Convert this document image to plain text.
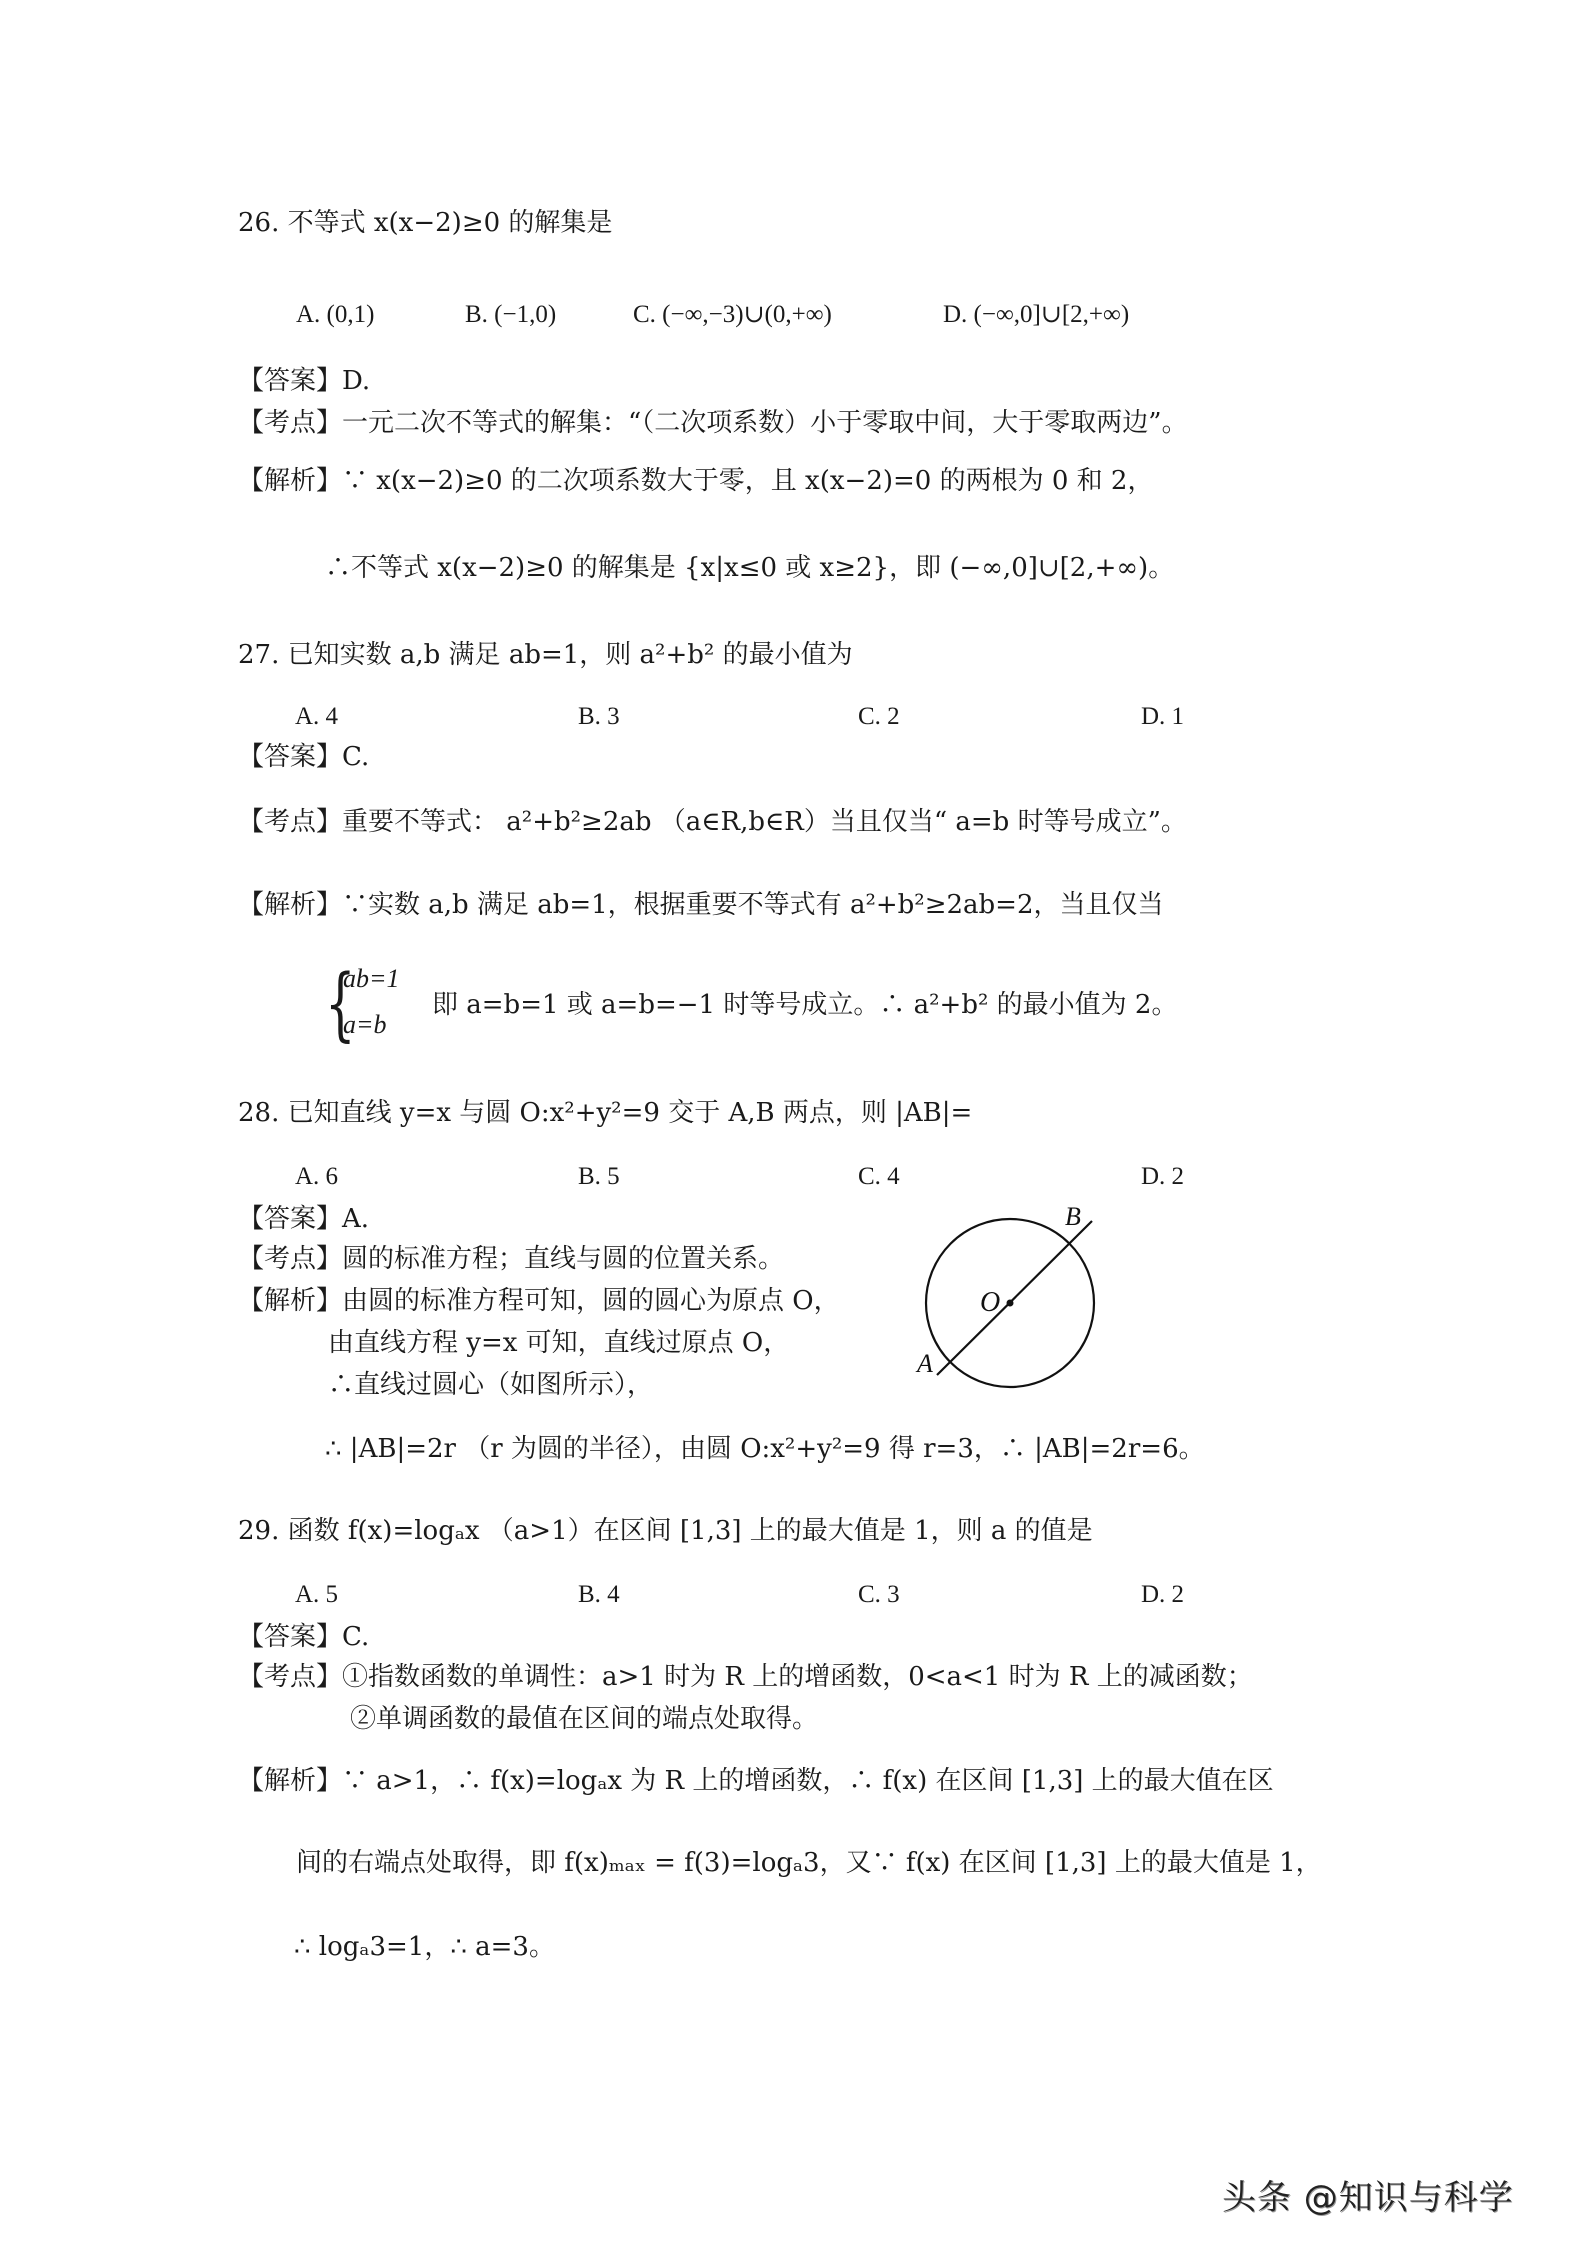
26. 不等式 x(x−2)≥0 的解集是
A. (0,1)	B. (−1,0)	C. (−∞,−3)∪(0,+∞)	D. (−∞,0]∪[2,+∞)
【答案】D.
【考点】一元二次不等式的解集：“（二次项系数）小于零取中间，大于零取两边”。
【解析】∵ x(x−2)≥0 的二次项系数大于零，且 x(x−2)=0 的两根为 0 和 2，
∴不等式 x(x−2)≥0 的解集是 {x|x≤0 或 x≥2}，即 (−∞,0]∪[2,+∞)。
27. 已知实数 a,b 满足 ab=1，则 a²+b² 的最小值为
A. 4	B. 3	C. 2	D. 1
【答案】C.
【考点】重要不等式： a²+b²≥2ab （a∈R,b∈R）当且仅当“ a=b 时等号成立”。
【解析】∵实数 a,b 满足 ab=1，根据重要不等式有 a²+b²≥2ab=2，当且仅当
{
ab=1
a=b
即 a=b=1 或 a=b=−1 时等号成立。∴ a²+b² 的最小值为 2。
28. 已知直线 y=x 与圆 O:x²+y²=9 交于 A,B 两点，则 |AB|=
A. 6	B. 5	C. 4	D. 2
【答案】A.
【考点】圆的标准方程；直线与圆的位置关系。
【解析】由圆的标准方程可知，圆的圆心为原点 O，
由直线方程 y=x 可知，直线过原点 O，
∴直线过圆心（如图所示），
∴ |AB|=2r （r 为圆的半径），由圆 O:x²+y²=9 得 r=3，∴ |AB|=2r=6。
O
A
B
29. 函数 f(x)=logₐx （a>1）在区间 [1,3] 上的最大值是 1，则 a 的值是
A. 5	B. 4	C. 3	D. 2
【答案】C.
【考点】①指数函数的单调性：a>1 时为 R 上的增函数，0<a<1 时为 R 上的减函数；
②单调函数的最值在区间的端点处取得。
【解析】∵ a>1，∴ f(x)=logₐx 为 R 上的增函数，∴ f(x) 在区间 [1,3] 上的最大值在区
间的右端点处取得，即 f(x)ₘₐₓ = f(3)=logₐ3，又∵ f(x) 在区间 [1,3] 上的最大值是 1，
∴ logₐ3=1，∴ a=3。
头条 @知识与科学
